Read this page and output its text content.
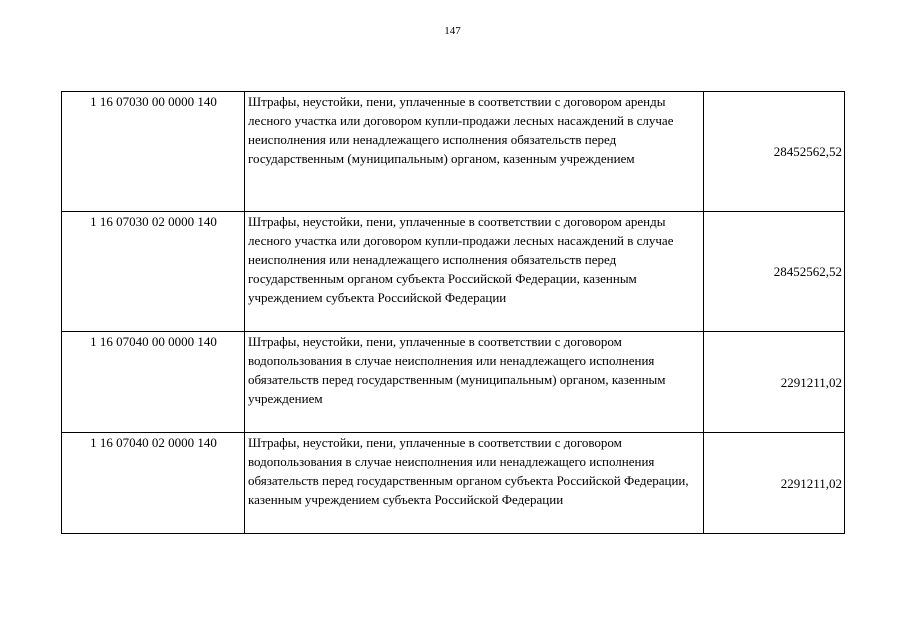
147
1 16 07030 00 0000 140	Штрафы, неустойки, пени, уплаченные в соответствии с договором аренды лесного участка или договором купли-продажи лесных насаждений в случае неисполнения или ненадлежащего исполнения обязательств перед государственным (муниципальным) органом, казенным учреждением	28452562,52
1 16 07030 02 0000 140	Штрафы, неустойки, пени, уплаченные в соответствии с договором аренды лесного участка или договором купли-продажи лесных насаждений в случае неисполнения или ненадлежащего исполнения обязательств перед государственным органом субъекта Российской Федерации, казенным учреждением субъекта Российской Федерации	28452562,52
1 16 07040 00 0000 140	Штрафы, неустойки, пени, уплаченные в соответствии с договором водопользования в случае неисполнения или ненадлежащего исполнения обязательств перед государственным (муниципальным) органом, казенным учреждением	2291211,02
1 16 07040 02 0000 140	Штрафы, неустойки, пени, уплаченные в соответствии с договором водопользования в случае неисполнения или ненадлежащего исполнения обязательств перед государственным органом субъекта Российской Федерации, казенным учреждением субъекта Российской Федерации	2291211,02
